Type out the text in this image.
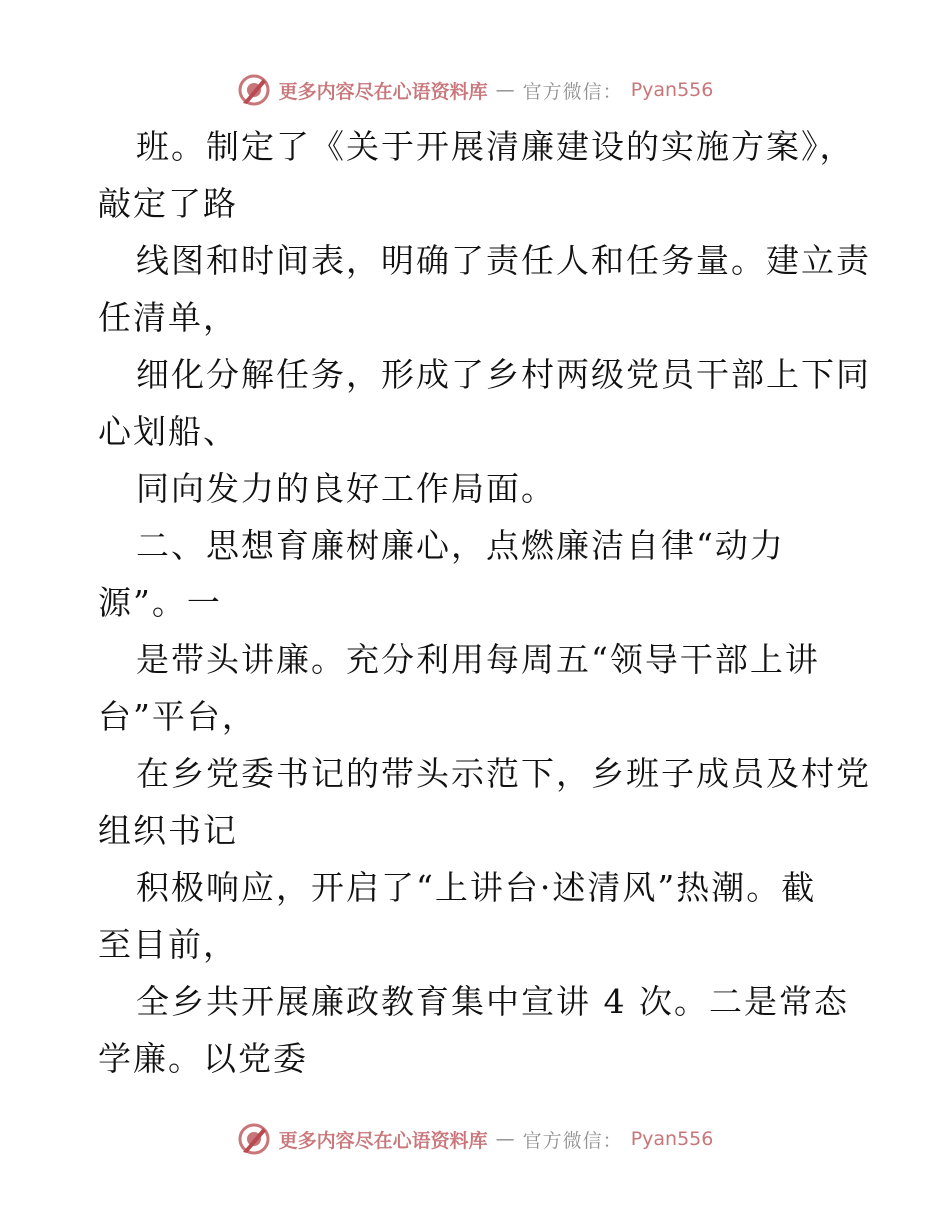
更多内容尽在心语资料库 — 官方微信： Pyan556
班。制定了《关于开展清廉建设的实施方案》，
敲定了路
线图和时间表，明确了责任人和任务量。建立责
任清单，
细化分解任务，形成了乡村两级党员干部上下同
心划船、
同向发力的良好工作局面。
二、思想育廉树廉心，点燃廉洁自律“动力
源”。一
是带头讲廉。充分利用每周五“领导干部上讲
台”平台，
在乡党委书记的带头示范下，乡班子成员及村党
组织书记
积极响应，开启了“上讲台·述清风”热潮。截
至目前，
全乡共开展廉政教育集中宣讲 4 次。二是常态
学廉。以党委
更多内容尽在心语资料库 — 官方微信： Pyan556
